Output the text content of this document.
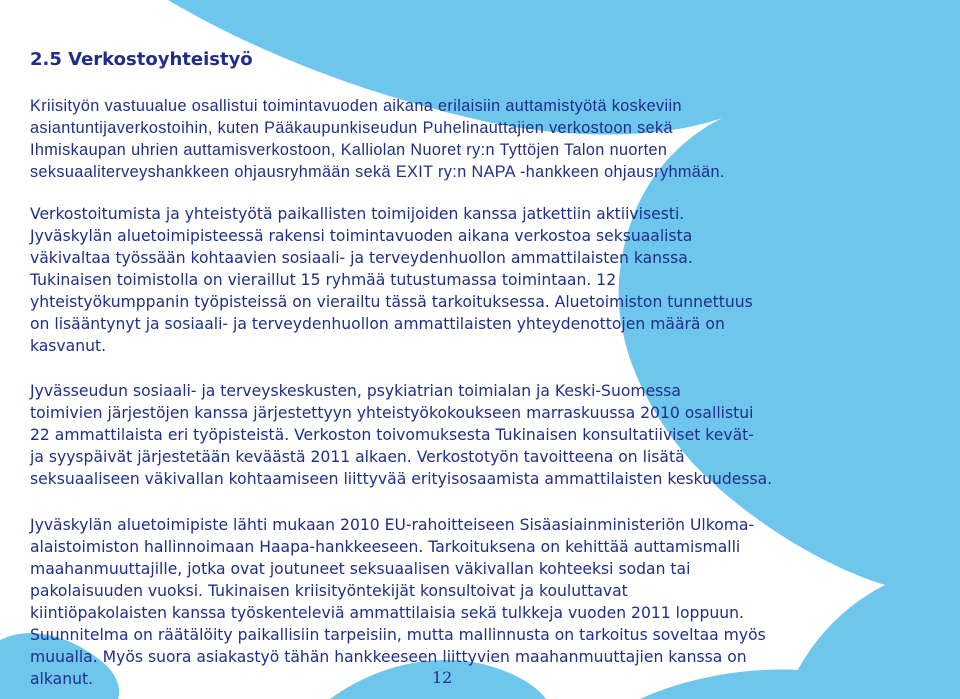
2.5 Verkostoyhteistyö

Kriisityön vastuualue osallistui toimintavuoden aikana erilaisiin auttamistyötä koskeviin
asiantuntijaverkostoihin, kuten Pääkaupunkiseudun Puhelinauttajien verkostoon sekä
Ihmiskaupan uhrien auttamisverkostoon, Kalliolan Nuoret ry:n Tyttöjen Talon nuorten
seksuaaliterveyshankkeen ohjausryhmään sekä EXIT ry:n NAPA -hankkeen ohjausryhmään.

Verkostoitumista ja yhteistyötä paikallisten toimijoiden kanssa jatkettiin aktiivisesti.
Jyväskylän aluetoimipisteessä rakensi toimintavuoden aikana verkostoa seksuaalista
väkivaltaa työssään kohtaavien sosiaali- ja terveydenhuollon ammattilaisten kanssa.
Tukinaisen toimistolla on vieraillut 15 ryhmää tutustumassa toimintaan. 12
yhteistyökumppanin työpisteissä on vierailtu tässä tarkoituksessa. Aluetoimiston tunnettuus
on lisääntynyt ja sosiaali- ja terveydenhuollon ammattilaisten yhteydenottojen määrä on
kasvanut.

Jyvässeudun sosiaali- ja terveyskeskusten, psykiatrian toimialan ja Keski-Suomessa
toimivien järjestöjen kanssa järjestettyyn yhteistyökokoukseen marraskuussa 2010 osallistui
22 ammattilaista eri työpisteistä. Verkoston toivomuksesta Tukinaisen konsultatiiviset kevät-
ja syyspäivät järjestetään keväästä 2011 alkaen. Verkostotyön tavoitteena on lisätä
seksuaaliseen väkivallan kohtaamiseen liittyvää erityisosaamista ammattilaisten keskuudessa.

Jyväskylän aluetoimipiste lähti mukaan 2010 EU-rahoitteiseen Sisäasiainministeriön Ulkoma-
alaistoimiston hallinnoimaan Haapa-hankkeeseen. Tarkoituksena on kehittää auttamismalli
maahanmuuttajille, jotka ovat joutuneet seksuaalisen väkivallan kohteeksi sodan tai
pakolaisuuden vuoksi. Tukinaisen kriisityöntekijät konsultoivat ja kouluttavat
kiintiöpakolaisten kanssa työskenteleviä ammattilaisia sekä tulkkeja vuoden 2011 loppuun.
Suunnitelma on räätälöity paikallisiin tarpeisiin, mutta mallinnusta on tarkoitus soveltaa myös
muualla. Myös suora asiakastyö tähän hankkeeseen liittyvien maahanmuuttajien kanssa on
alkanut.	12
